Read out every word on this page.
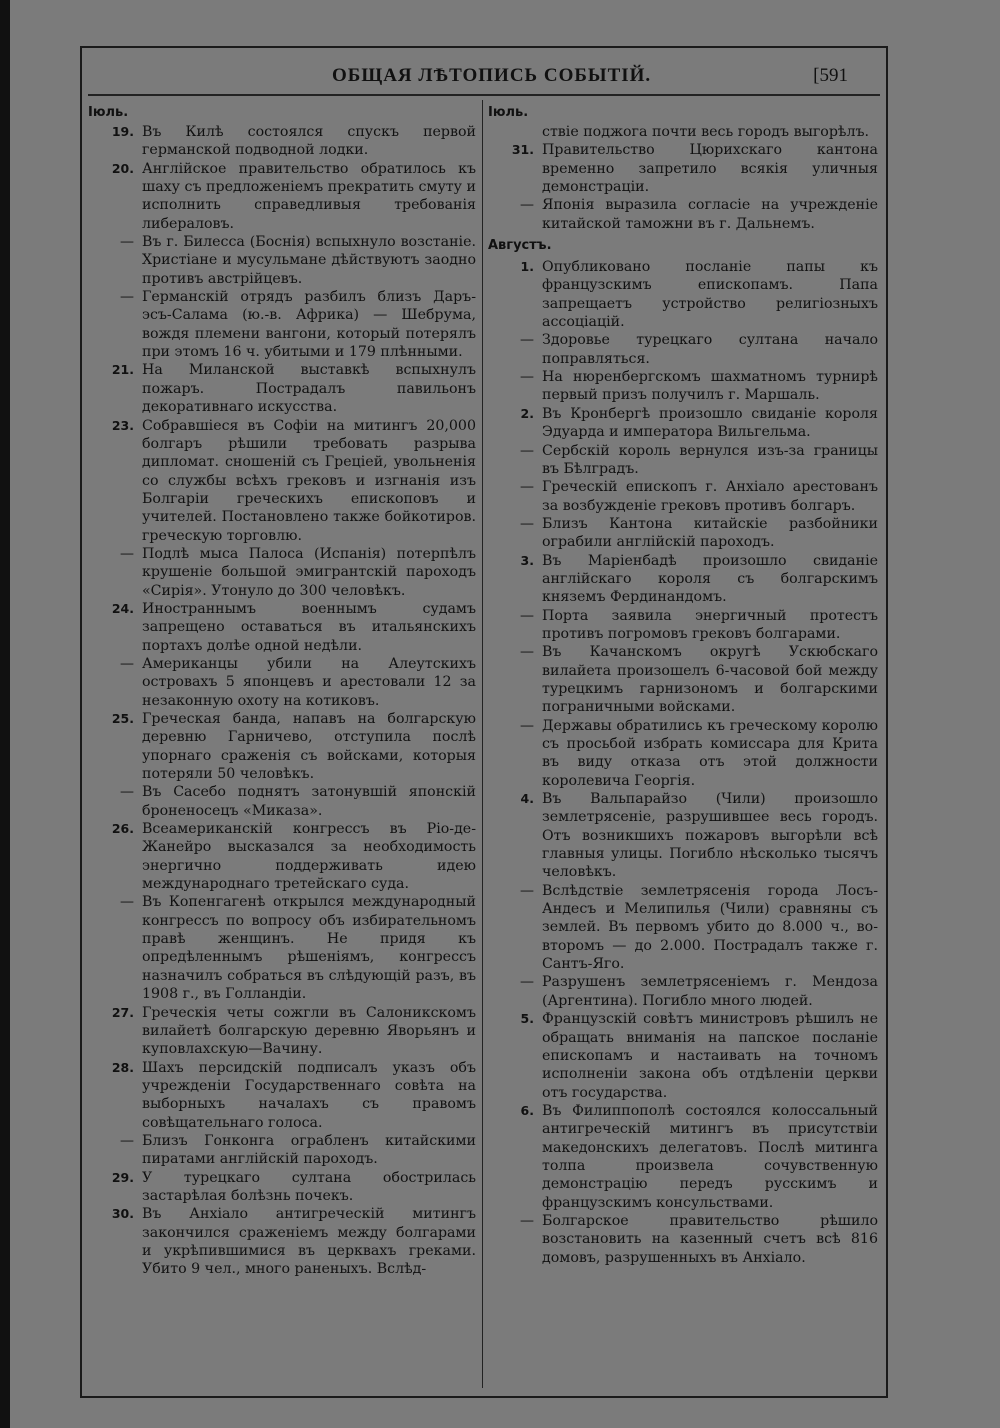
ОБЩАЯ ЛѢТОПИСЬ СОБЫТІЙ.	[591
Іюль.
19. Въ Килѣ состоялся спускъ первой германской подводной лодки.
20. Англійское правительство обратилось къ шаху съ предложеніемъ прекратить смуту и исполнить справедливыя требованія либераловъ.
— Въ г. Билесса (Боснія) вспыхнуло возстаніе. Христіане и мусульмане дѣйствуютъ заодно противъ австрійцевъ.
— Германскій отрядъ разбилъ близъ Даръ-эсъ-Салама (ю.-в. Африка) — Шебрума, вождя племени вангони, который потерялъ при этомъ 16 ч. убитыми и 179 плѣнными.
21. На Миланской выставкѣ вспыхнулъ пожаръ. Пострадалъ павильонъ декоративнаго искусства.
23. Собравшіеся въ Софіи на митингъ 20,000 болгаръ рѣшили требовать разрыва дипломат. сношеній съ Греціей, увольненія со службы всѣхъ грековъ и изгнанія изъ Болгаріи греческихъ епископовъ и учителей. Постановлено также бойкотиров. греческую торговлю.
— Подлѣ мыса Палоса (Испанія) потерпѣлъ крушеніе большой эмигрантскій пароходъ «Сирія». Утонуло до 300 человѣкъ.
24. Иностраннымъ военнымъ судамъ запрещено оставаться въ итальянскихъ портахъ долѣе одной недѣли.
— Американцы убили на Алеутскихъ островахъ 5 японцевъ и арестовали 12 за незаконную охоту на котиковъ.
25. Греческая банда, напавъ на болгарскую деревню Гарничево, отступила послѣ упорнаго сраженія съ войсками, которыя потеряли 50 человѣкъ.
— Въ Сасебо поднятъ затонувшій японскій броненосецъ «Миказа».
26. Всеамериканскій конгрессъ въ Ріо-де-Жанейро высказался за необходимость энергично поддерживать идею международнаго третейскаго суда.
— Въ Копенгагенѣ открылся международный конгрессъ по вопросу объ избирательномъ правѣ женщинъ. Не придя къ опредѣленнымъ рѣшеніямъ, конгрессъ назначилъ собраться въ слѣдующій разъ, въ 1908 г., въ Голландіи.
27. Греческія четы сожгли въ Салоникскомъ вилайетѣ болгарскую деревню Яворьянъ и куповлахскую—Вачину.
28. Шахъ персидскій подписалъ указъ объ учрежденіи Государственнаго совѣта на выборныхъ началахъ съ правомъ совѣщательнаго голоса.
— Близъ Гонконга ограбленъ китайскими пиратами англійскій пароходъ.
29. У турецкаго султана обострилась застарѣлая болѣзнь почекъ.
30. Въ Анхіало антигреческій митингъ закончился сраженіемъ между болгарами и укрѣпившимися въ церквахъ греками. Убито 9 чел., много раненыхъ. Вслѣд-
Іюль.
ствіе поджога почти весь городъ выгорѣлъ.
31. Правительство Цюрихскаго кантона временно запретило всякія уличныя демонстраціи.
— Японія выразила согласіе на учрежденіе китайской таможни въ г. Дальнемъ.
Августъ.
1. Опубликовано посланіе папы къ французскимъ епископамъ. Папа запрещаетъ устройство религіозныхъ ассоціацій.
— Здоровье турецкаго султана начало поправляться.
— На нюренбергскомъ шахматномъ турнирѣ первый призъ получилъ г. Маршаль.
2. Въ Кронбергѣ произошло свиданіе короля Эдуарда и императора Вильгельма.
— Сербскій король вернулся изъ-за границы въ Бѣлградъ.
— Греческій епископъ г. Анхіало арестованъ за возбужденіе грековъ противъ болгаръ.
— Близъ Кантона китайскіе разбойники ограбили англійскій пароходъ.
3. Въ Маріенбадѣ произошло свиданіе англійскаго короля съ болгарскимъ княземъ Фердинандомъ.
— Порта заявила энергичный протестъ противъ погромовъ грековъ болгарами.
— Въ Качанскомъ округѣ Ускюбскаго вилайета произошелъ 6-часовой бой между турецкимъ гарнизономъ и болгарскими пограничными войсками.
— Державы обратились къ греческому королю съ просьбой избрать комиссара для Крита въ виду отказа отъ этой должности королевича Георгія.
4. Въ Вальпарайзо (Чили) произошло землетрясеніе, разрушившее весь городъ. Отъ возникшихъ пожаровъ выгорѣли всѣ главныя улицы. Погибло нѣсколько тысячъ человѣкъ.
— Вслѣдствіе землетрясенія города Лосъ-Андесъ и Мелипилья (Чили) сравняны съ землей. Въ первомъ убито до 8.000 ч., во-второмъ — до 2.000. Пострадалъ также г. Сантъ-Яго.
— Разрушенъ землетрясеніемъ г. Мендоза (Аргентина). Погибло много людей.
5. Французскій совѣтъ министровъ рѣшилъ не обращать вниманія на папское посланіе епископамъ и настаивать на точномъ исполненіи закона объ отдѣленіи церкви отъ государства.
6. Въ Филиппополѣ состоялся колоссальный антигреческій митингъ въ присутствіи македонскихъ делегатовъ. Послѣ митинга толпа произвела сочувственную демонстрацію передъ русскимъ и французскимъ консульствами.
— Болгарское правительство рѣшило возстановить на казенный счетъ всѣ 816 домовъ, разрушенныхъ въ Анхіало.
